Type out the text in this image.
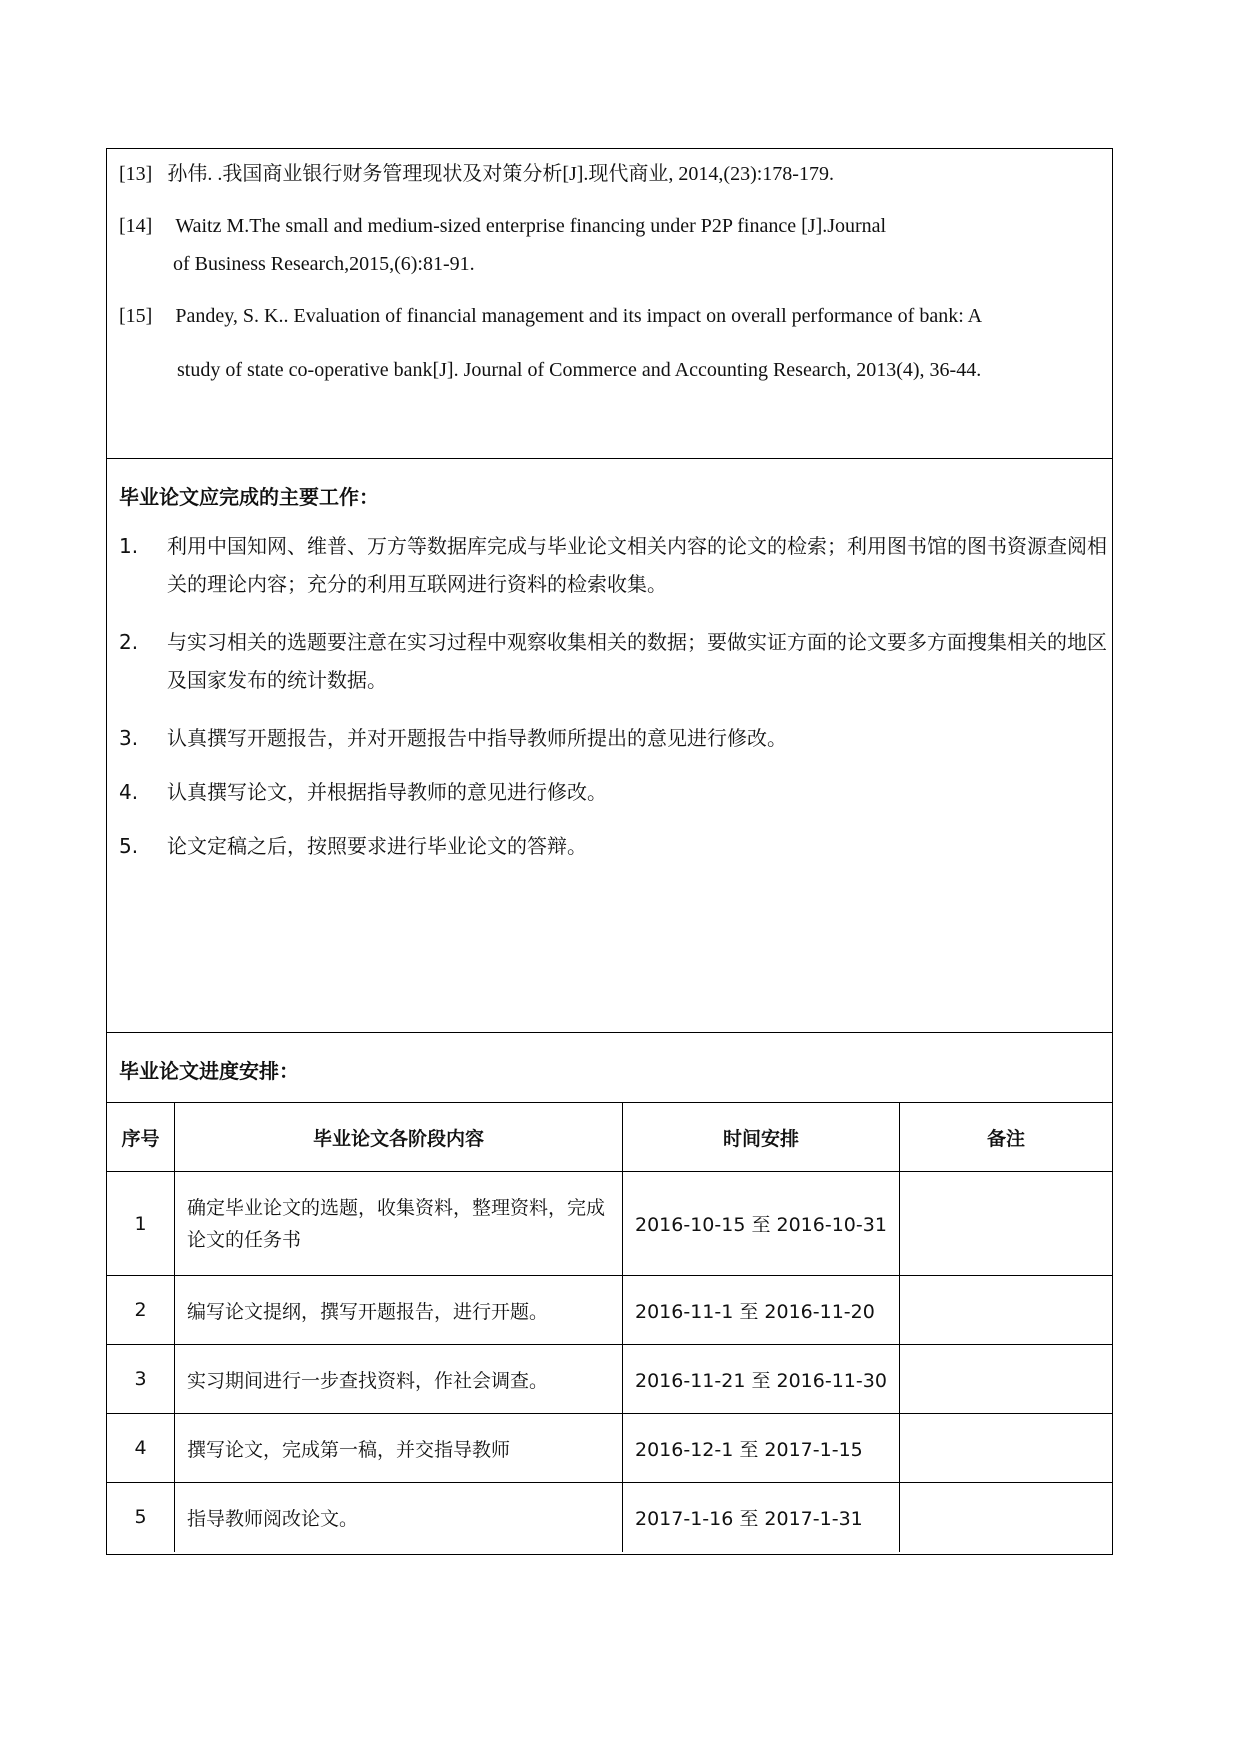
[13] 孙伟. .我国商业银行财务管理现状及对策分析[J].现代商业, 2014,(23):178-179.
[14] Waitz M.The small and medium-sized enterprise financing under P2P finance [J].Journal
of Business Research,2015,(6):81-91.
[15] Pandey, S. K.. Evaluation of financial management and its impact on overall performance of bank: A
study of state co-operative bank[J]. Journal of Commerce and Accounting Research, 2013(4), 36-44.
毕业论文应完成的主要工作：
1.	利用中国知网、维普、万方等数据库完成与毕业论文相关内容的论文的检索；利用图书馆的图书资源查阅相关的理论内容；充分的利用互联网进行资料的检索收集。
2.	与实习相关的选题要注意在实习过程中观察收集相关的数据；要做实证方面的论文要多方面搜集相关的地区及国家发布的统计数据。
3.	认真撰写开题报告，并对开题报告中指导教师所提出的意见进行修改。
4.	认真撰写论文，并根据指导教师的意见进行修改。
5.	论文定稿之后，按照要求进行毕业论文的答辩。
毕业论文进度安排：
序号	毕业论文各阶段内容	时间安排	备注
1	确定毕业论文的选题，收集资料，整理资料，完成论文的任务书	2016-10-15 至 2016-10-31	
2	编写论文提纲，撰写开题报告，进行开题。	2016-11-1 至 2016-11-20	
3	实习期间进行一步查找资料，作社会调查。	2016-11-21 至 2016-11-30	
4	撰写论文，完成第一稿，并交指导教师	2016-12-1 至 2017-1-15	
5	指导教师阅改论文。	2017-1-16 至 2017-1-31	
